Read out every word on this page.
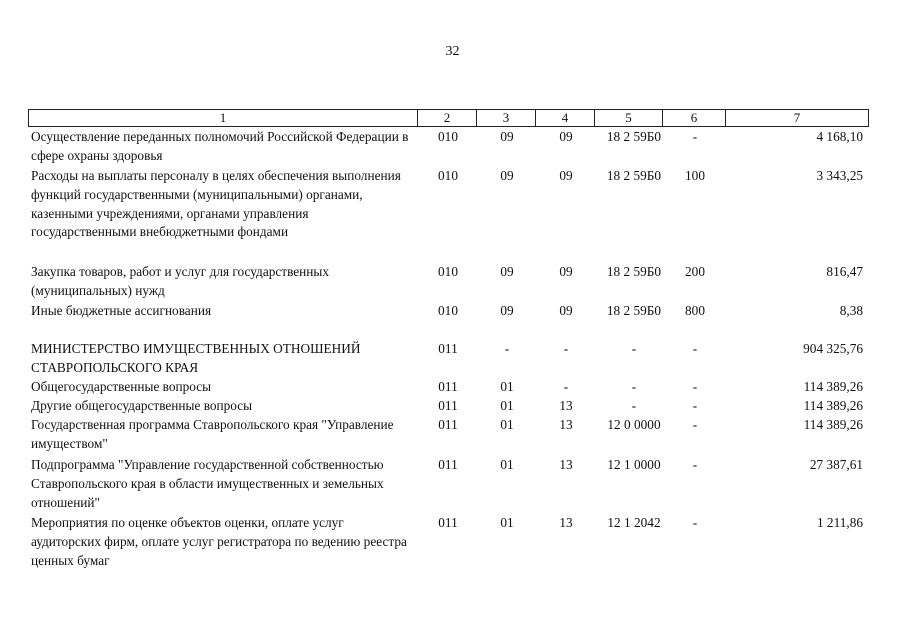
32
1	2	3	4	5	6	7
Осуществление переданных полномочий Российской Федерации в сфере охраны здоровья
010	09	09	18 2 59Б0	-	4 168,10
Расходы на выплаты персоналу в целях обеспечения выполнения функций государственными (муниципальными) органами, казенными учреждениями, органами управления государственными внебюджетными фондами
010	09	09	18 2 59Б0	100	3 343,25
Закупка товаров, работ и услуг для государственных (муниципальных) нужд
010	09	09	18 2 59Б0	200	816,47
Иные бюджетные ассигнования	010	09	09	18 2 59Б0	800	8,38
МИНИСТЕРСТВО ИМУЩЕСТВЕННЫХ ОТНОШЕНИЙ СТАВРОПОЛЬСКОГО КРАЯ
011	-	-	-	-	904 325,76
Общегосударственные вопросы	011	01	-	-	-	114 389,26
Другие общегосударственные вопросы	011	01	13	-	-	114 389,26
Государственная программа Ставропольского края "Управление имуществом"
011	01	13	12 0 0000	-	114 389,26
Подпрограмма "Управление государственной собственностью Ставропольского края в области имущественных и земельных отношений"
011	01	13	12 1 0000	-	27 387,61
Мероприятия по оценке объектов оценки, оплате услуг аудиторских фирм, оплате услуг регистратора по ведению реестра ценных бумаг
011	01	13	12 1 2042	-	1 211,86
